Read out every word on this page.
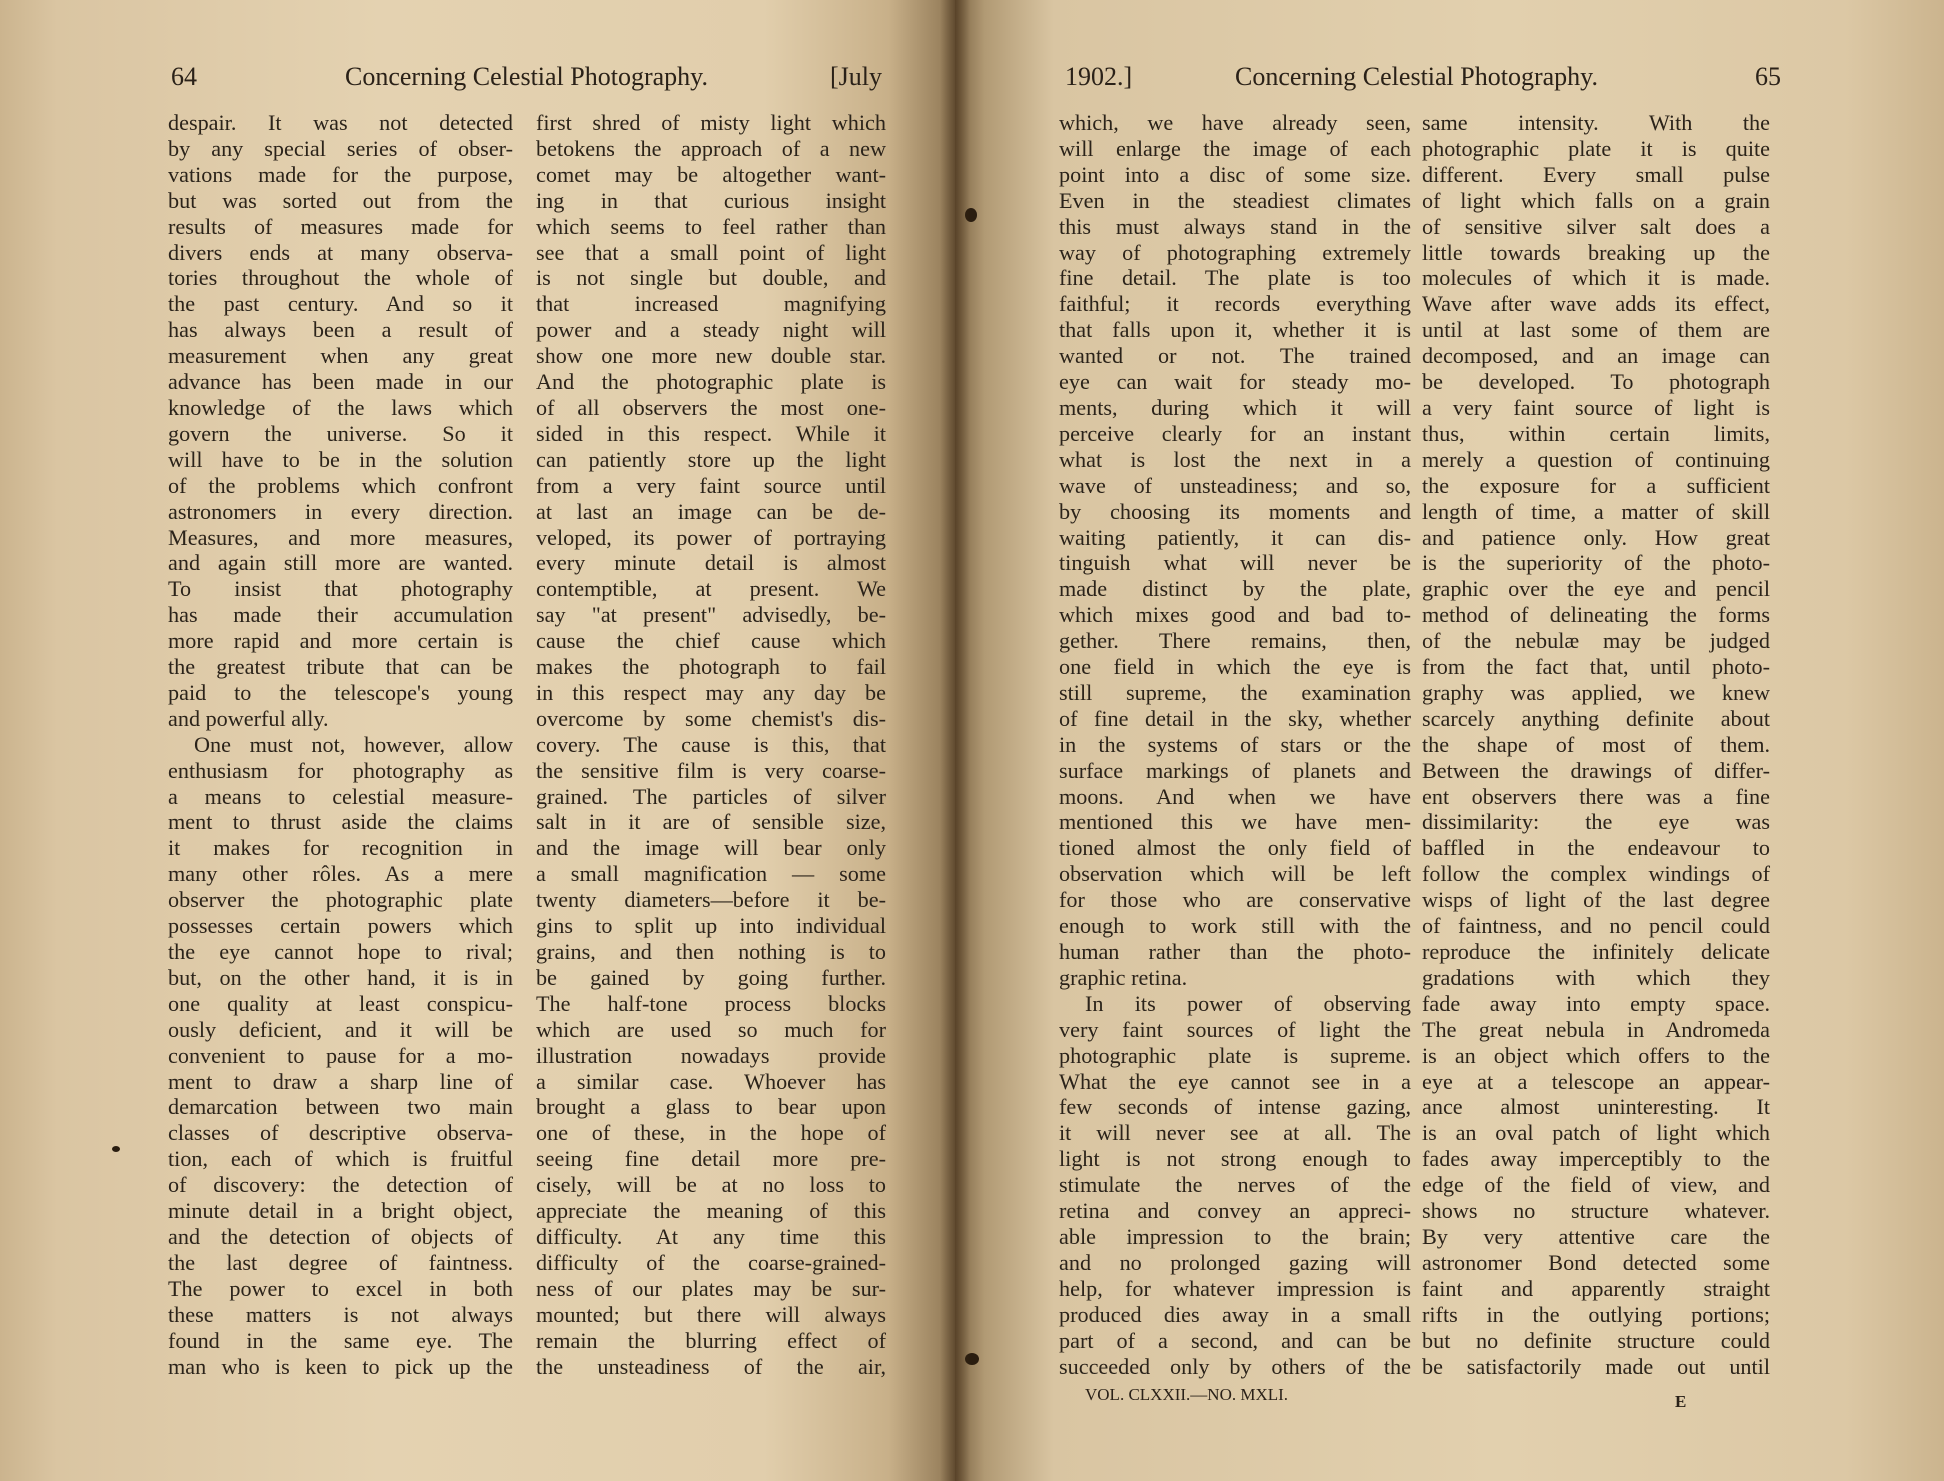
64	Concerning Celestial Photography.	[July
despair. It was not detected
by any special series of obser-
vations made for the purpose,
but was sorted out from the
results of measures made for
divers ends at many observa-
tories throughout the whole of
the past century. And so it
has always been a result of
measurement when any great
advance has been made in our
knowledge of the laws which
govern the universe. So it
will have to be in the solution
of the problems which confront
astronomers in every direction.
Measures, and more measures,
and again still more are wanted.
To insist that photography
has made their accumulation
more rapid and more certain is
the greatest tribute that can be
paid to the telescope's young
and powerful ally.
One must not, however, allow
enthusiasm for photography as
a means to celestial measure-
ment to thrust aside the claims
it makes for recognition in
many other rôles. As a mere
observer the photographic plate
possesses certain powers which
the eye cannot hope to rival;
but, on the other hand, it is in
one quality at least conspicu-
ously deficient, and it will be
convenient to pause for a mo-
ment to draw a sharp line of
demarcation between two main
classes of descriptive observa-
tion, each of which is fruitful
of discovery: the detection of
minute detail in a bright object,
and the detection of objects of
the last degree of faintness.
The power to excel in both
these matters is not always
found in the same eye. The
man who is keen to pick up the
first shred of misty light which
betokens the approach of a new
comet may be altogether want-
ing in that curious insight
which seems to feel rather than
see that a small point of light
is not single but double, and
that increased magnifying
power and a steady night will
show one more new double star.
And the photographic plate is
of all observers the most one-
sided in this respect. While it
can patiently store up the light
from a very faint source until
at last an image can be de-
veloped, its power of portraying
every minute detail is almost
contemptible, at present. We
say "at present" advisedly, be-
cause the chief cause which
makes the photograph to fail
in this respect may any day be
overcome by some chemist's dis-
covery. The cause is this, that
the sensitive film is very coarse-
grained. The particles of silver
salt in it are of sensible size,
and the image will bear only
a small magnification — some
twenty diameters—before it be-
gins to split up into individual
grains, and then nothing is to
be gained by going further.
The half-tone process blocks
which are used so much for
illustration nowadays provide
a similar case. Whoever has
brought a glass to bear upon
one of these, in the hope of
seeing fine detail more pre-
cisely, will be at no loss to
appreciate the meaning of this
difficulty. At any time this
difficulty of the coarse-grained-
ness of our plates may be sur-
mounted; but there will always
remain the blurring effect of
the unsteadiness of the air,
1902.]	Concerning Celestial Photography.	65
which, we have already seen,
will enlarge the image of each
point into a disc of some size.
Even in the steadiest climates
this must always stand in the
way of photographing extremely
fine detail. The plate is too
faithful; it records everything
that falls upon it, whether it is
wanted or not. The trained
eye can wait for steady mo-
ments, during which it will
perceive clearly for an instant
what is lost the next in a
wave of unsteadiness; and so,
by choosing its moments and
waiting patiently, it can dis-
tinguish what will never be
made distinct by the plate,
which mixes good and bad to-
gether. There remains, then,
one field in which the eye is
still supreme, the examination
of fine detail in the sky, whether
in the systems of stars or the
surface markings of planets and
moons. And when we have
mentioned this we have men-
tioned almost the only field of
observation which will be left
for those who are conservative
enough to work still with the
human rather than the photo-
graphic retina.
In its power of observing
very faint sources of light the
photographic plate is supreme.
What the eye cannot see in a
few seconds of intense gazing,
it will never see at all. The
light is not strong enough to
stimulate the nerves of the
retina and convey an appreci-
able impression to the brain;
and no prolonged gazing will
help, for whatever impression is
produced dies away in a small
part of a second, and can be
succeeded only by others of the
same intensity. With the
photographic plate it is quite
different. Every small pulse
of light which falls on a grain
of sensitive silver salt does a
little towards breaking up the
molecules of which it is made.
Wave after wave adds its effect,
until at last some of them are
decomposed, and an image can
be developed. To photograph
a very faint source of light is
thus, within certain limits,
merely a question of continuing
the exposure for a sufficient
length of time, a matter of skill
and patience only. How great
is the superiority of the photo-
graphic over the eye and pencil
method of delineating the forms
of the nebulæ may be judged
from the fact that, until photo-
graphy was applied, we knew
scarcely anything definite about
the shape of most of them.
Between the drawings of differ-
ent observers there was a fine
dissimilarity: the eye was
baffled in the endeavour to
follow the complex windings of
wisps of light of the last degree
of faintness, and no pencil could
reproduce the infinitely delicate
gradations with which they
fade away into empty space.
The great nebula in Andromeda
is an object which offers to the
eye at a telescope an appear-
ance almost uninteresting. It
is an oval patch of light which
fades away imperceptibly to the
edge of the field of view, and
shows no structure whatever.
By very attentive care the
astronomer Bond detected some
faint and apparently straight
rifts in the outlying portions;
but no definite structure could
be satisfactorily made out until
VOL. CLXXII.—NO. MXLI.	E
